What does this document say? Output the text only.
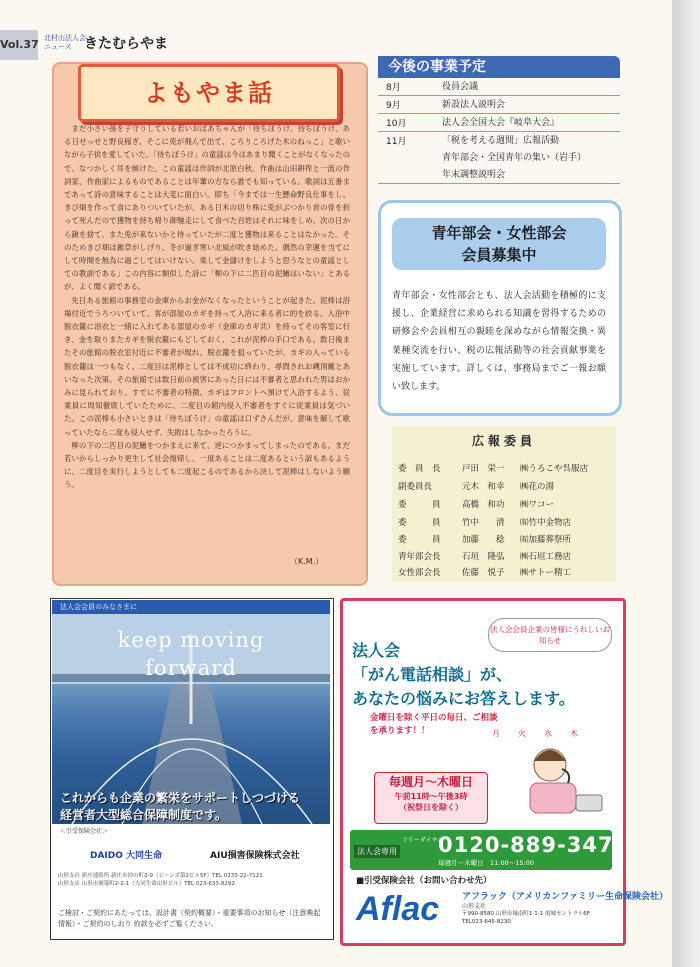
Vol.37 北村山法人会
ニュース きたむらやま
よもやま話

まだ小さい孫を子守りしている若いおばあちゃんが「待ちぼうけ、待ちぼうけ、ある日せっせと野良稼ぎ、そこに兎が飛んで出て、ころりころげた木のねっこ」と歌いながら子供を愛していた。「待ちぼうけ」の童謡は今はあまり聞くことがなくなったので、なつかしく耳を傾けた。この童謡は作詞が北原白秋、作曲は山田耕筰と一流の作詞家、作曲家によるものであることは年輩の方なら誰でも知っている。歌詞は五番まであって詩の意味することは大変に面白い。即ち「今までは一生懸命野良仕事をし、きび畑を作って食にありついていたが、ある日木の切り株に兎がぶつかり首の骨を折って死んだので獲物を持ち帰り御馳走にして食べた百姓はそれに味をしめ、次の日から鍬を捨て、また兎が来ないかと待っていたが二度と獲物は来ることはなかった。そのためきび畑は雑草がしげり、冬が過ぎ寒い北風が吹き始めた。偶然の幸運を当てにして時間を無為に過ごしてはいけない。楽して金儲けをしようと思うなとの童謡としての教訓である」この内容に類似した詩に「柳の下に二匹目の泥鰌はいない」とあるが、よく聞く諺である。

先日ある旅館の事務室の金庫からお金がなくなったということが起きた。泥棒は浴場付近でうろついていて、客が部屋のカギを持って入浴に来る者に的を絞る。入浴中脱衣籠に浴衣と一緒に入れてある部屋のカギ（金庫のカギ共）を持ってその客室に行き、金を取りまたカギを脱衣籠にもどしておく、これが泥棒の手口である。数日後またその旅館の脱衣室付近に不審者が現れ、脱衣籠を狙っていたが、カギの入っている脱衣籠は一つもなく、二度目は泥棒としては不成功に終わり、尋問されお縄頂戴とあいなった次第。その旅館では数日前の被害にあった日には不審者と思われた男はおかみに見られており、すでに不審者の特徴、カギはフロントへ預けて入浴するよう、従業員に周知徹底していたために、二度目の館内侵入不審者をすぐに従業員は気づいた。この泥棒も小さいときは「待ちぼうけ」の童謡は口ずさんだが、意味を解して歌っていたなら二度も侵入せず、失敗はしなかったろうに。

柳の下の二匹目の泥鰌をつかまえに来て、逆につかまってしまったのである。まだ若いからしっかり更生して社会復帰し、一度あることは二度あるという諺もあるように、二度目を実行しようとしても二度起こるのであるから決して泥棒はしないよう願う。

（K.M.）
今後の事業予定
8月	役員会議
9月	新設法人説明会
10月	法人会全国大会『岐阜大会』
11月	「税を考える週間」広報活動
青年部会・全国青年の集い（岩手）
年末調整説明会
青年部会・女性部会
会員募集中
青年部会・女性部会とも、法人会活動を積極的に支援し、企業経営に求められる知識を習得するための研修会や会員相互の親睦を深めながら情報交換・異業種交流を行い、税の広報活動等の社会貢献事業を実施しています。詳しくは、事務局までご一報お願い致します。
広報委員
委　員　長	戸田　栄一	㈱うろこや呉服店
副委員長	元木　和幸	㈱花の湯
委　　　員	高橋　和功	㈱ワコー
委　　　員	竹中　　清	㈲竹中金物店
委　　　員	加藤　　稔	㈲加藤葬祭所
青年部会長	石垣　隆弘	㈱石垣工務店
女性部会長	佐藤　悦子	㈱サトー精工
法人会会員のみなさまに
keep moving
forward
これからも企業の繁栄をサポートしつづける
経営者大型総合保障制度です。
＜引受保険会社＞
DAIDO 大同生命	AIU損害保険株式会社
山形支社 新庄連絡所 新庄市沖の町2-9（ビーンズ第2ビル5F）TEL 0233-22-7121
山形支店 山形市旅篭町2-2-1（大同生命山形ビル）TEL 023-633-8292
ご検討・ご契約にあたっては、設計書（契約概要）・重要事項のお知らせ（注意喚起情報）・ご契約のしおり 約款を必ずご覧ください。
法人会会員企業の皆様にうれしいお知らせ
法人会
「がん電話相談」が、
あなたの悩みにお答えします。
金曜日を除く平日の毎日、ご相談を承ります！！	月火水木
毎週月～木曜日
午前11時～午後3時
（祝祭日を除く）
法人会専用
フリーダイヤル
0120-889-347
毎週月～木曜日　11:00～15:00
■引受保険会社（お問い合わせ先）
Aflac	アフラック（アメリカンファミリー生命保険会社）
山形支社
〒990-8580 山形市城南町1-1-1 霞城セントラル6F TEL023-645-8230
